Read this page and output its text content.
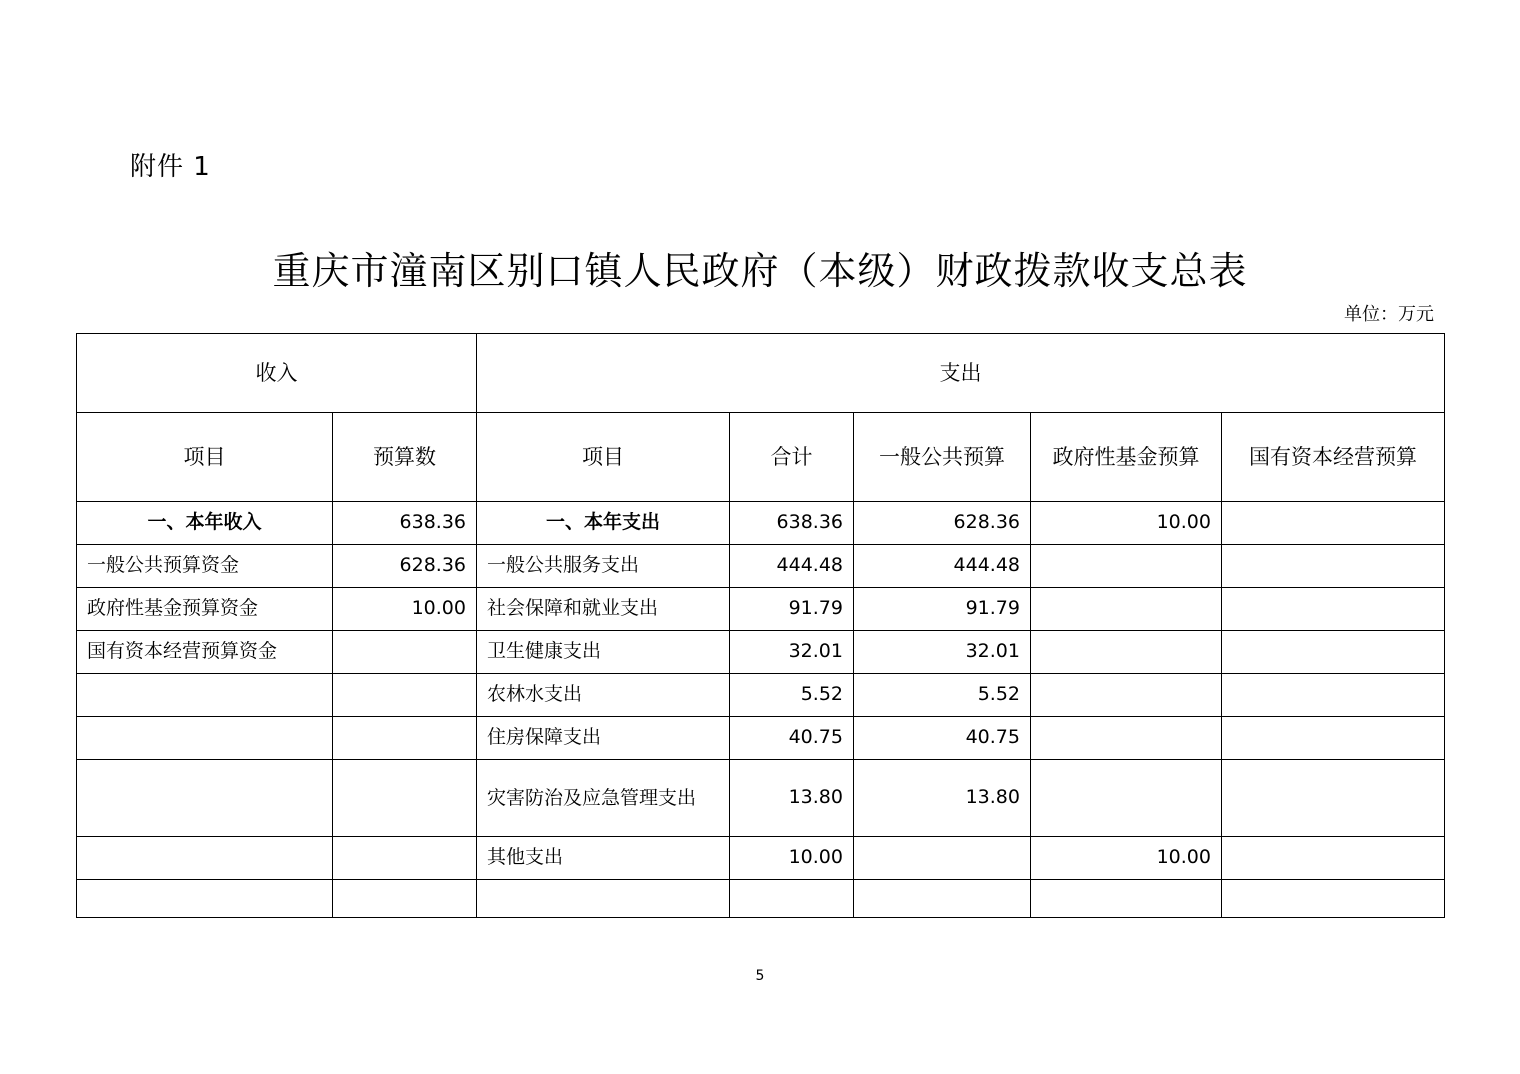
附件 1
重庆市潼南区别口镇人民政府（本级）财政拨款收支总表
单位：万元
收入		支出				
项目	预算数	项目	合计	一般公共预算	政府性基金预算	国有资本经营预算
一、本年收入	638.36	一、本年支出	638.36	628.36	10.00	
一般公共预算资金	628.36	一般公共服务支出	444.48	444.48		
政府性基金预算资金	10.00	社会保障和就业支出	91.79	91.79		
国有资本经营预算资金		卫生健康支出	32.01	32.01		
		农林水支出	5.52	5.52		
		住房保障支出	40.75	40.75		

		灾害防治及应急管理支出	13.80	13.80		
		其他支出	10.00		10.00	

5
